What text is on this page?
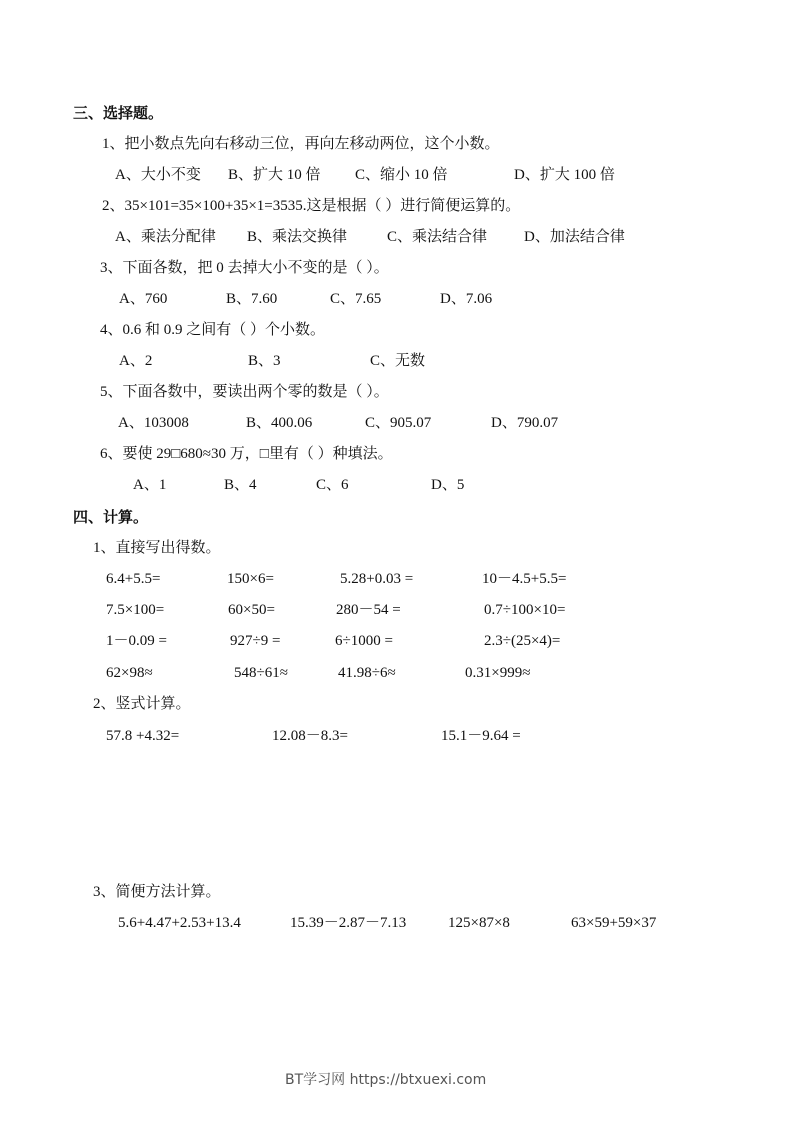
三、选择题。
1、把小数点先向右移动三位，再向左移动两位，这个小数。
A、大小不变 B、扩大 10 倍 C、缩小 10 倍	D、扩大 100 倍
2、35×101=35×100+35×1=3535.这是根据（ ）进行简便运算的。
A、乘法分配律 B、乘法交换律	C、乘法结合律 D、加法结合律
3、下面各数，把 0 去掉大小不变的是（ ）。
A、760	B、7.60	C、7.65	D、7.06
4、0.6 和 0.9 之间有（ ）个小数。
A、2	B、3	C、无数
5、下面各数中，要读出两个零的数是（ ）。
A、103008	B、400.06	C、905.07	D、790.07
6、要使 29□680≈30 万，□里有（ ）种填法。
A、1	B、4	C、6	D、5
四、计算。
1、直接写出得数。
6.4+5.5=	150×6=	5.28+0.03 =	10－4.5+5.5=
7.5×100=	60×50=	280－54 =	0.7÷100×10=
1－0.09 =	927÷9 =	6÷1000 =	2.3÷(25×4)=
62×98≈	548÷61≈	41.98÷6≈	0.31×999≈
2、竖式计算。
57.8 +4.32=	12.08－8.3=	15.1－9.64 =
3、简便方法计算。
5.6+4.47+2.53+13.4	15.39－2.87－7.13	125×87×8	63×59+59×37
BT学习网 https://btxuexi.com
